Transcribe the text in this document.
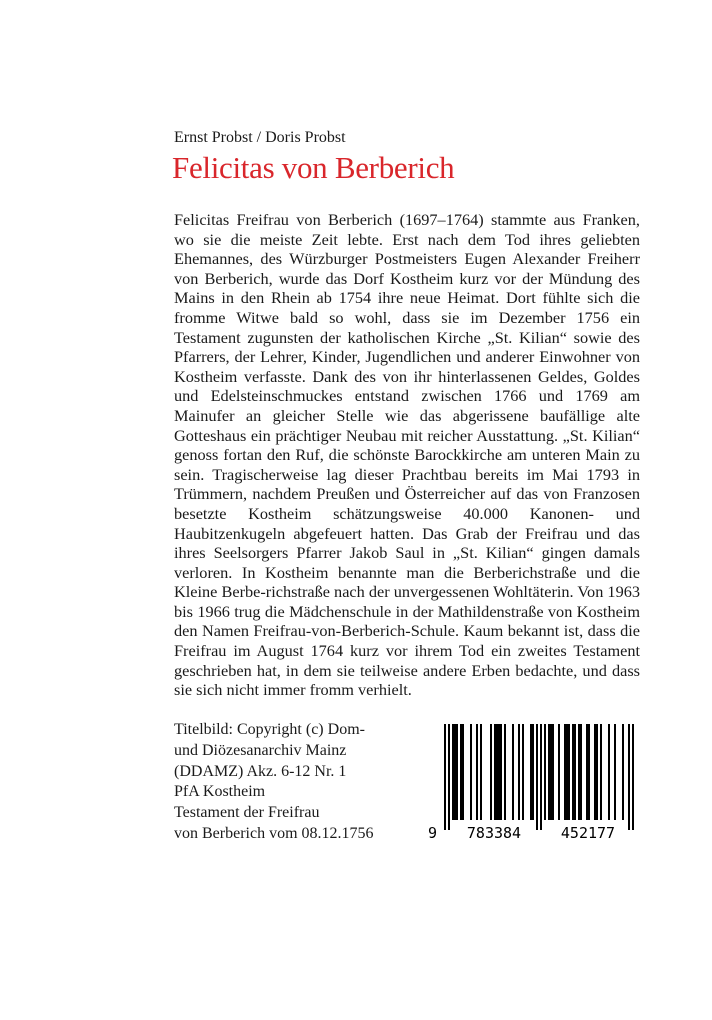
Ernst Probst / Doris Probst
Felicitas von Berberich

Felicitas Freifrau von Berberich (1697–1764) stammte aus Franken, wo sie die meiste Zeit lebte. Erst nach dem Tod ihres geliebten Ehemannes, des Würzburger Postmeisters Eugen Alexander Freiherr von Berberich, wurde das Dorf Kostheim kurz vor der Mündung des Mains in den Rhein ab 1754 ihre neue Heimat. Dort fühlte sich die fromme Witwe bald so wohl, dass sie im Dezember 1756 ein Testament zugunsten der katholischen Kirche „St. Kilian“ sowie des Pfarrers, der Lehrer, Kinder, Jugendlichen und anderer Einwohner von Kostheim verfasste. Dank des von ihr hinterlassenen Geldes, Goldes und Edelsteinschmuckes entstand zwischen 1766 und 1769 am Mainufer an gleicher Stelle wie das abgerissene baufällige alte Gotteshaus ein prächtiger Neubau mit reicher Ausstattung. „St. Kilian“ genoss fortan den Ruf, die schönste Barockkirche am unteren Main zu sein. Tragischerweise lag dieser Prachtbau bereits im Mai 1793 in Trümmern, nachdem Preußen und Österreicher auf das von Franzosen besetzte Kostheim schätzungsweise 40.000 Kanonen- und Haubitzenkugeln abgefeuert hatten. Das Grab der Freifrau und das ihres Seelsorgers Pfarrer Jakob Saul in „St. Kilian“ gingen damals verloren. In Kostheim benannte man die Berberichstraße und die Kleine Berbe-richstraße nach der unvergessenen Wohltäterin. Von 1963 bis 1966 trug die Mädchenschule in der Mathildenstraße von Kostheim den Namen Freifrau-von-Berberich-Schule. Kaum bekannt ist, dass die Freifrau im August 1764 kurz vor ihrem Tod ein zweites Testament geschrieben hat, in dem sie teilweise andere Erben bedachte, und dass sie sich nicht immer fromm verhielt.

Titelbild: Copyright (c) Dom-
und Diözesanarchiv Mainz
(DDAMZ) Akz. 6-12 Nr. 1
PfA Kostheim
Testament der Freifrau
von Berberich vom 08.12.1756	9 783384	452177
